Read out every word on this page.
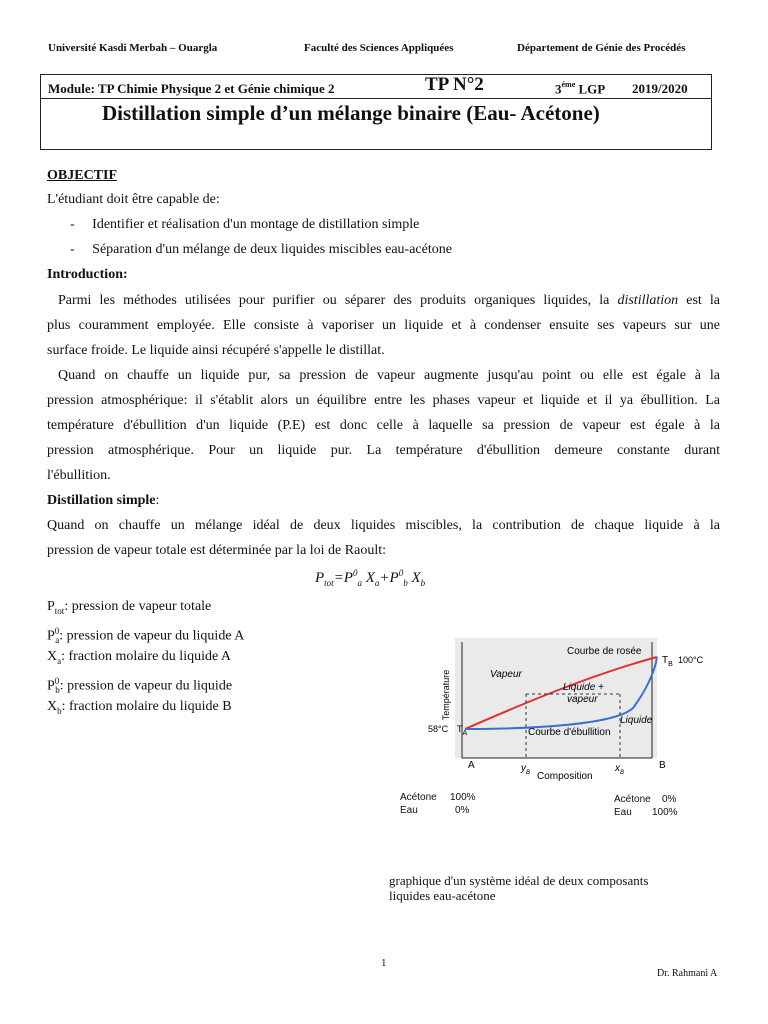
Université Kasdi Merbah – Ouargla	Faculté des Sciences Appliquées	Département de Génie des Procédés
Module: TP Chimie Physique 2 et Génie chimique 2	TP N°2	$3^{éme}$ LGP 2019/2020
Distillation simple d’un mélange binaire (Eau- Acétone)
OBJECTIF
L'étudiant doit être capable de:
-     Identifier et réalisation d'un montage de distillation simple
-     Séparation d'un mélange de deux liquides miscibles eau-acétone
Introduction:
Parmi les méthodes utilisées pour purifier ou séparer des produits organiques liquides, la distillation est la
plus couramment employée. Elle consiste à vaporiser un liquide et à condenser ensuite ses vapeurs sur une
surface froide. Le liquide ainsi récupéré s'appelle le distillat.
Quand on chauffe un liquide pur, sa pression de vapeur augmente jusqu'au point ou elle est égale à la
pression atmosphérique: il s'établit alors un équilibre entre les phases vapeur et liquide et il ya ébullition. La
température d'ébullition d'un liquide (P.E) est donc celle à laquelle sa pression de vapeur est égale à la
pression atmosphérique. Pour un liquide pur. La température d'ébullition demeure constante durant
l'ébullition.
Distillation simple:
Quand on chauffe un mélange idéal de deux liquides miscibles, la contribution de chaque liquide à la
pression de vapeur totale est déterminée par la loi de Raoult:
$P_{tot}=P^0_a$ $X_a+P^0_b$ $X_b$
$P_{tot}$: pression de vapeur totale
$P^0_a$: pression de vapeur du liquide A
$X_a$: fraction molaire du liquide A
$P^0_b$: pression de vapeur du liquide
$X_b$: fraction molaire du liquide B	Température
Courbe de rosée
Vapeur
Liquide +
vapeur
Liquide
Courbe d'ébullition
58°C $T_A$
$T_B$ 100°C
A	B
$y_B$	$x_B$
Composition
Acétone 100%
Eau	0%
Acétone 0%
Eau 100%
graphique d'un système idéal de deux composants
liquides eau-acétone
1
Dr. Rahmani A
